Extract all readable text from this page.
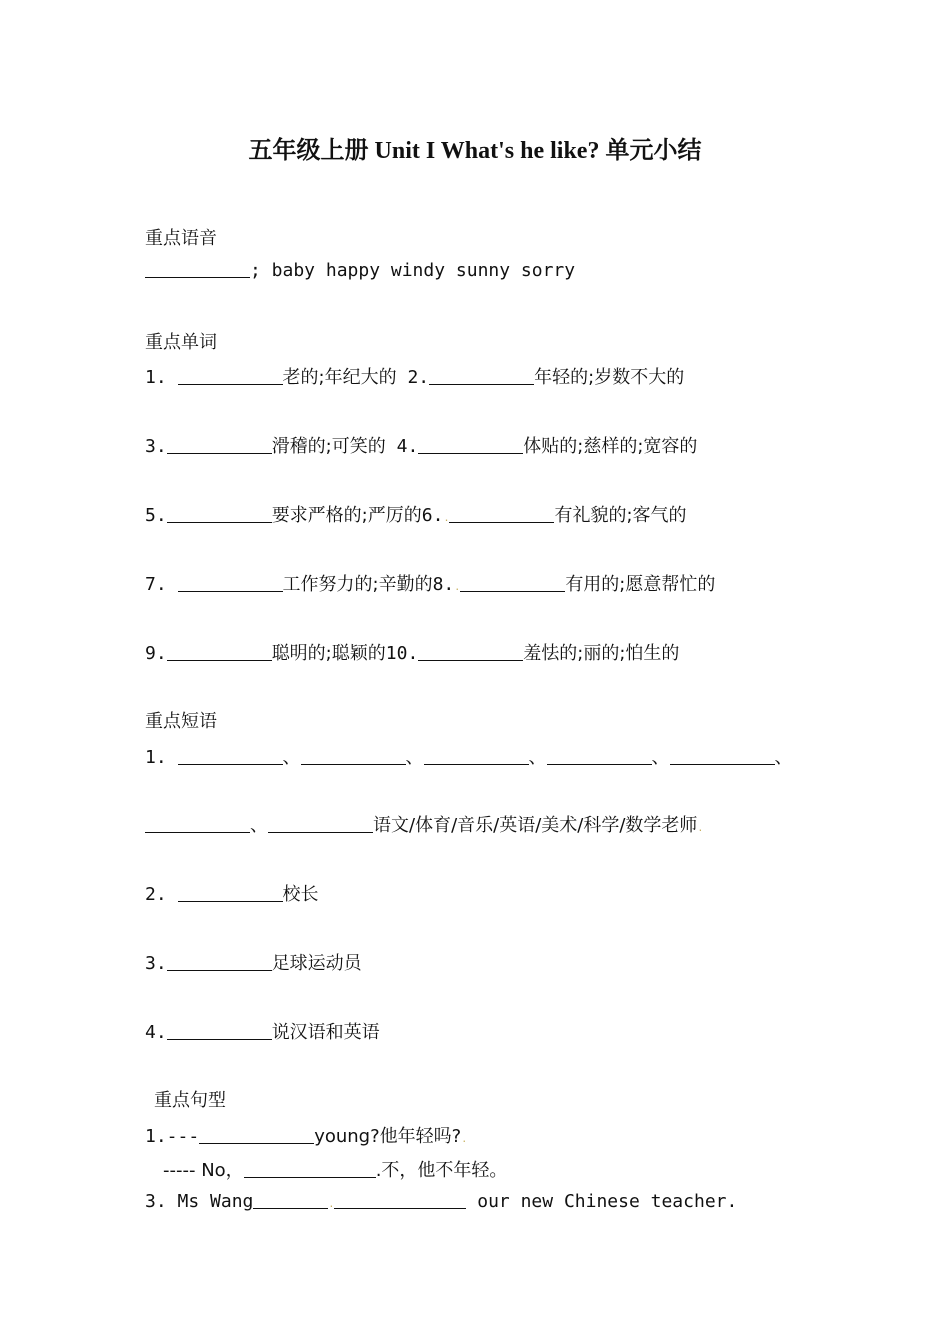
五年级上册 Unit I What's he like? 单元小结
重点语音
; baby happy windy sunny sorry
重点单词
1.	老的;年纪大的 2.	年轻的;岁数不大的
3.	滑稽的;可笑的 4.	体贴的;慈样的;宽容的
5.	要求严格的;严厉的6..	有礼貌的;客气的
7.	工作努力的;辛勤的8..	有用的;愿意帮忙的
9.	聪明的;聪颖的10.	羞怯的;丽的;怕生的
重点短语
1.	、	、	、	、	、
、	语文/体育/音乐/英语/美术/科学/数学老师.
2.	校长
3.	足球运动员
4.	说汉语和英语
重点句型
1.---	young?他年轻吗?.
----- No，	.不，他不年轻。
3. Ms Wang	.	our new Chinese teacher.
